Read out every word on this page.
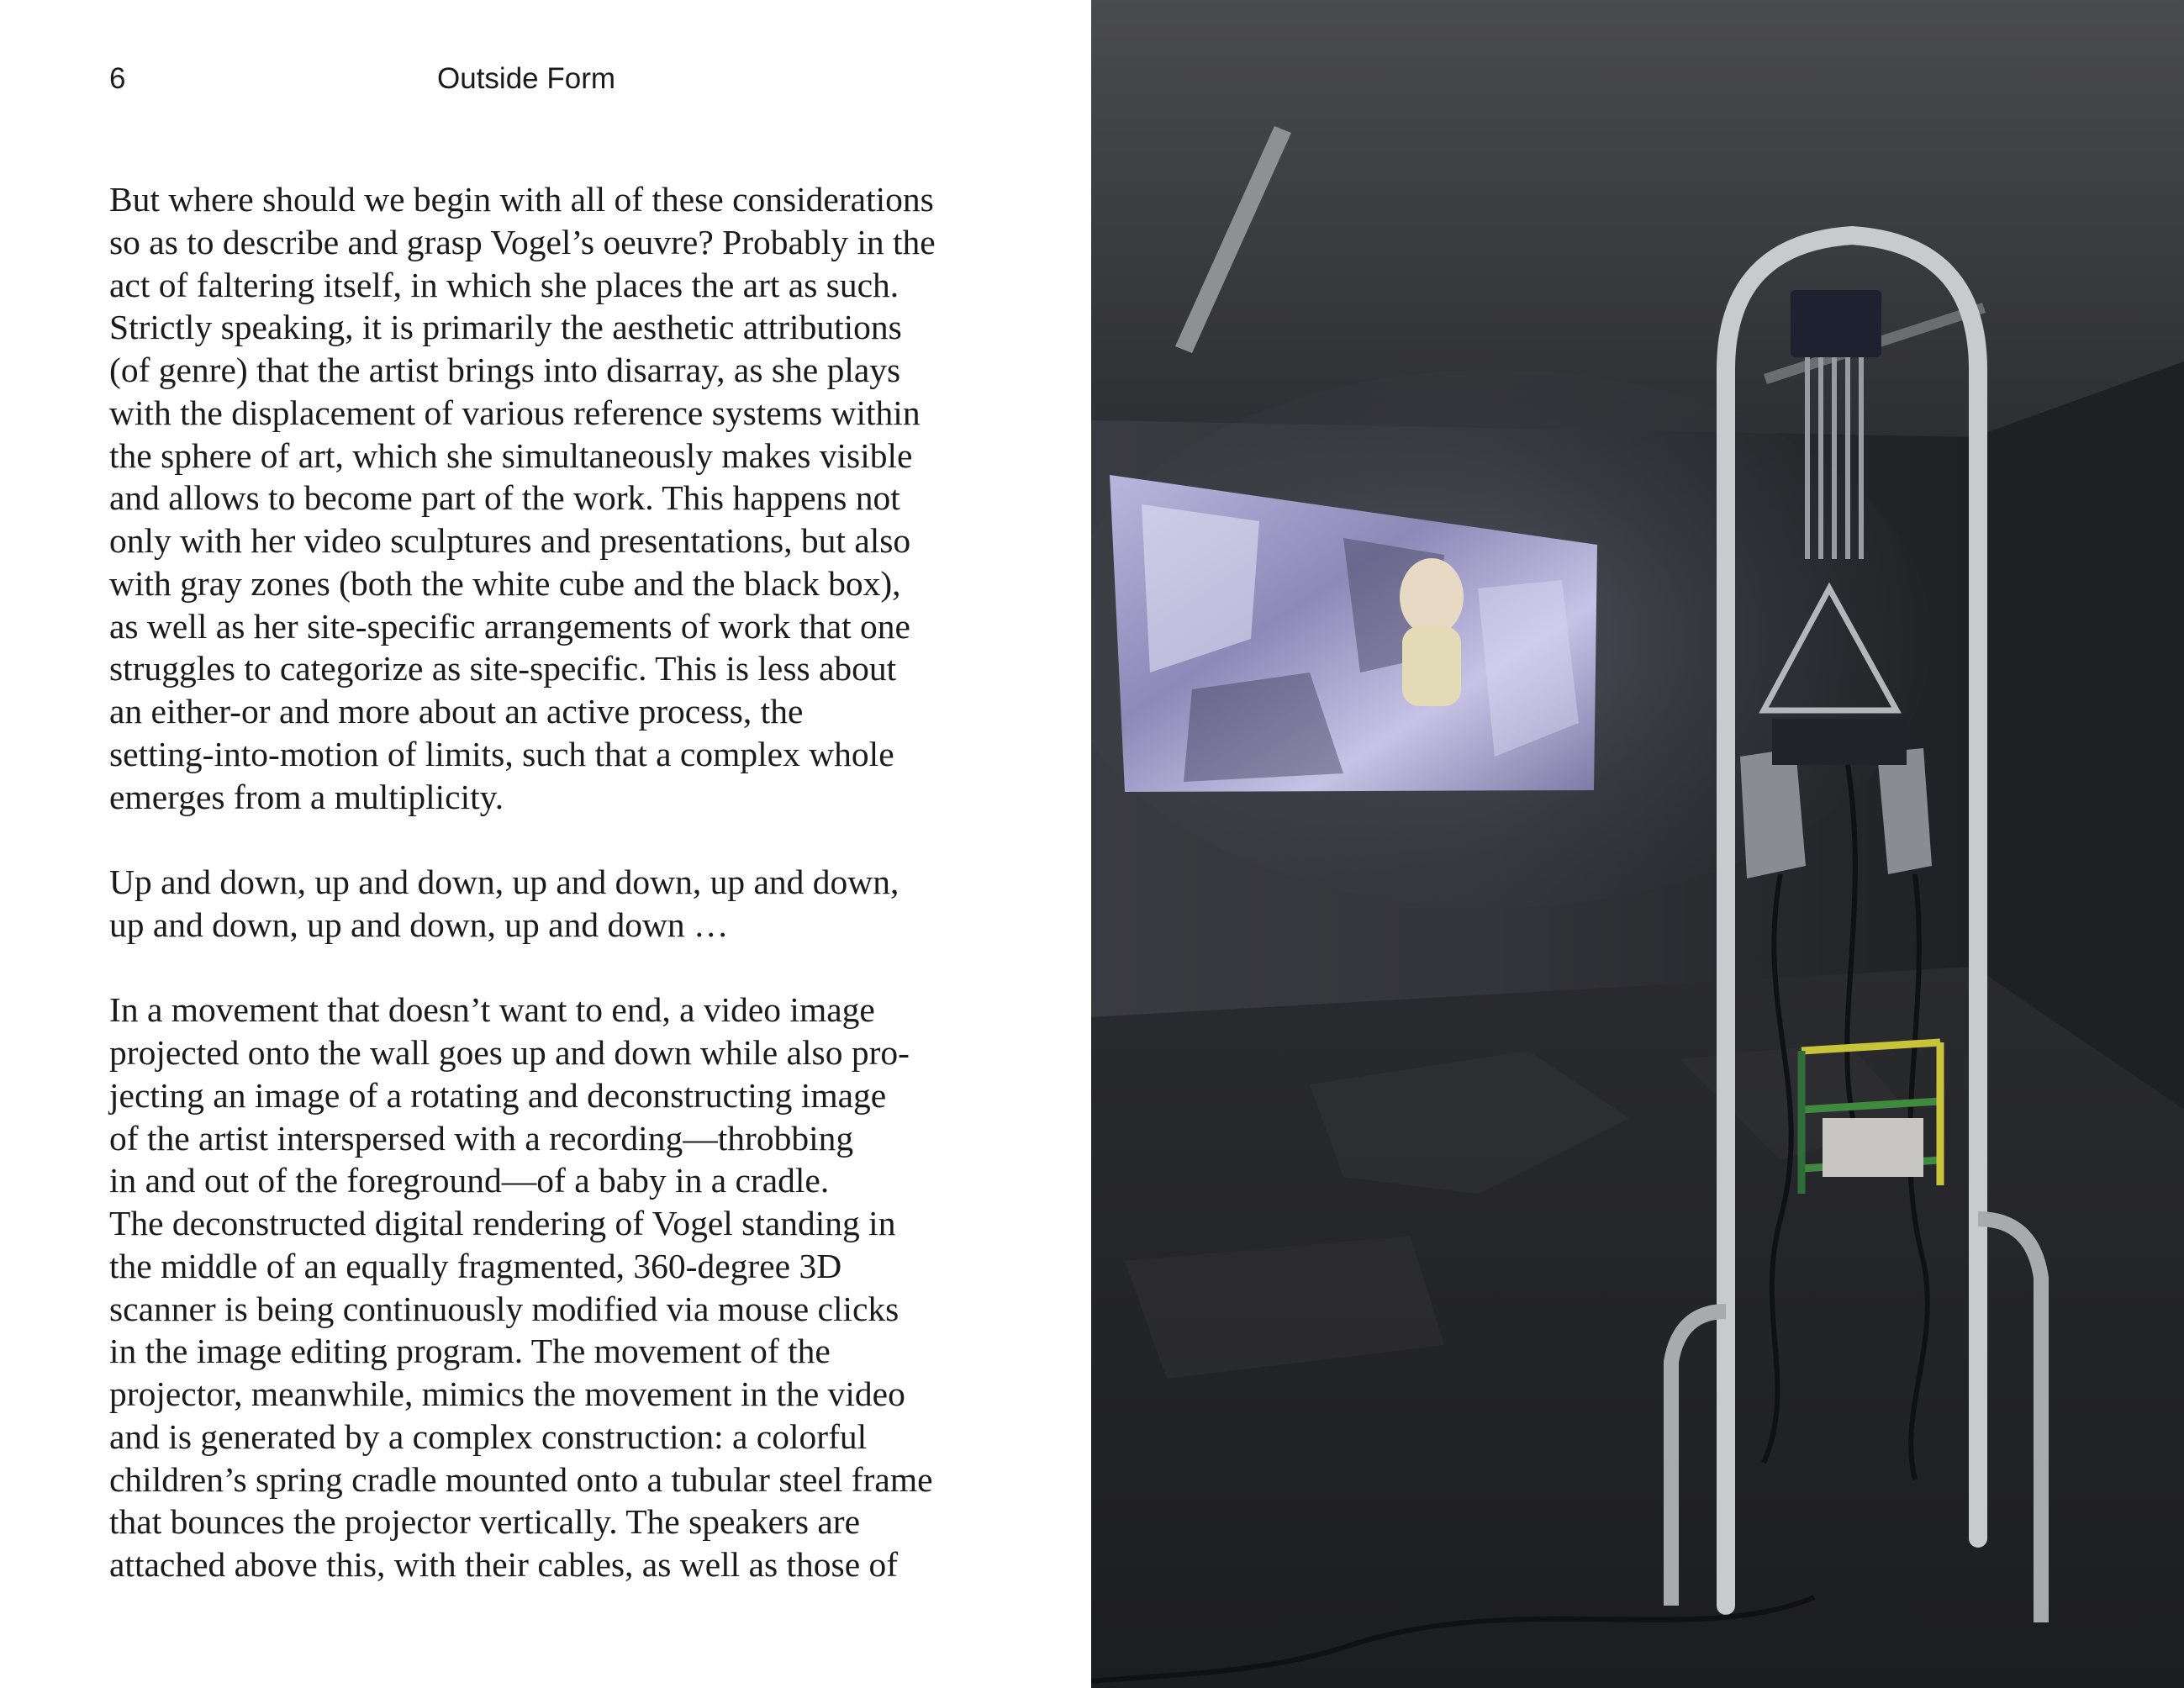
6	Outside Form

But where should we begin with all of these considerations
so as to describe and grasp Vogel’s oeuvre? Probably in the
act of faltering itself, in which she places the art as such.
Strictly speaking, it is primarily the aesthetic attributions
(of genre) that the artist brings into disarray, as she plays
with the displacement of various reference systems within
the sphere of art, which she simultaneously makes visible
and allows to become part of the work. This happens not
only with her video sculptures and presentations, but also
with gray zones (both the white cube and the black box),
as well as her site-specific arrangements of work that one
struggles to categorize as site-specific. This is less about
an either-or and more about an active process, the
setting-into-motion of limits, such that a complex whole
emerges from a multiplicity.

Up and down, up and down, up and down, up and down,
up and down, up and down, up and down …

In a movement that doesn’t want to end, a video image
projected onto the wall goes up and down while also pro-
jecting an image of a rotating and deconstructing image
of the artist interspersed with a recording—throbbing
in and out of the foreground—of a baby in a cradle.
The deconstructed digital rendering of Vogel standing in
the middle of an equally fragmented, 360-degree 3D
scanner is being continuously modified via mouse clicks
in the image editing program. The movement of the
projector, meanwhile, mimics the movement in the video
and is generated by a complex construction: a colorful
children’s spring cradle mounted onto a tubular steel frame
that bounces the projector vertically. The speakers are
attached above this, with their cables, as well as those of
